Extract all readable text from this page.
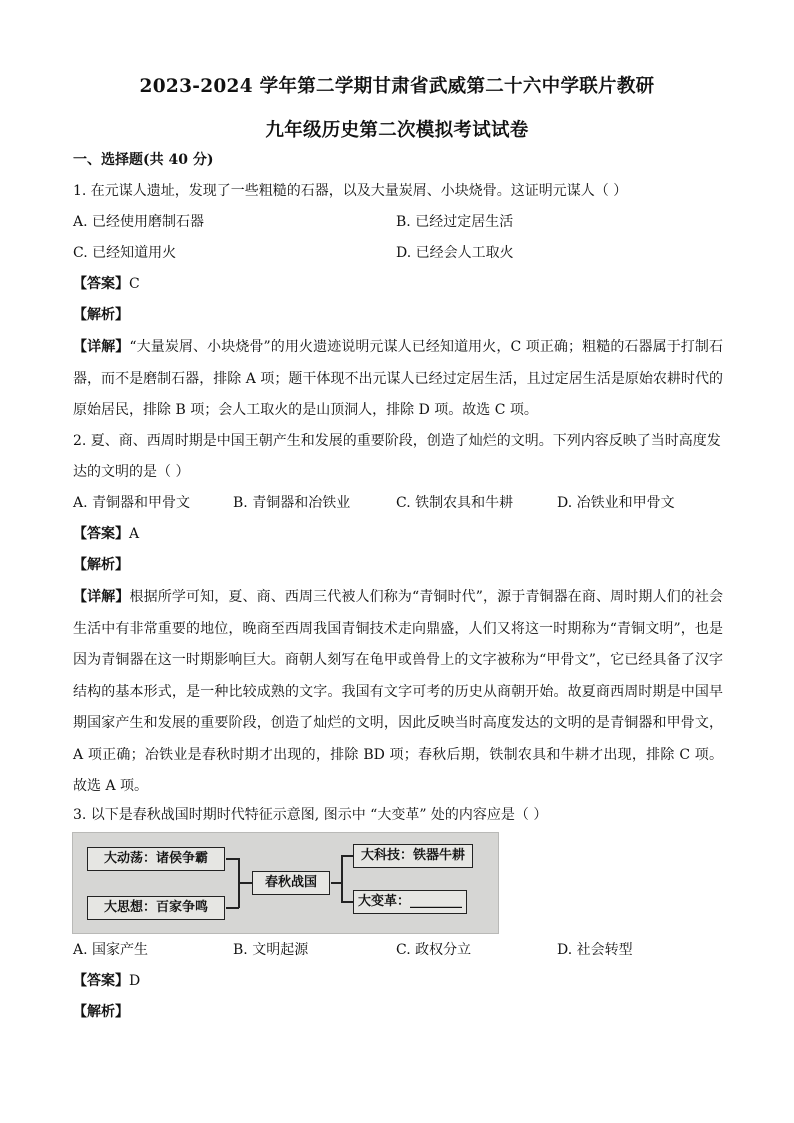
2023-2024 学年第二学期甘肃省武威第二十六中学联片教研
九年级历史第二次模拟考试试卷
一、选择题(共 40 分)
1. 在元谋人遗址，发现了一些粗糙的石器，以及大量炭屑、小块烧骨。这证明元谋人（ ）
A. 已经使用磨制石器	B. 已经过定居生活
C. 已经知道用火	D. 已经会人工取火
【答案】C
【解析】
【详解】“大量炭屑、小块烧骨”的用火遗迹说明元谋人已经知道用火，C 项正确；粗糙的石器属于打制石器，而不是磨制石器，排除 A 项；题干体现不出元谋人已经过定居生活，且过定居生活是原始农耕时代的原始居民，排除 B 项；会人工取火的是山顶洞人，排除 D 项。故选 C 项。
2. 夏、商、西周时期是中国王朝产生和发展的重要阶段，创造了灿烂的文明。下列内容反映了当时高度发
达的文明的是（ ）
A. 青铜器和甲骨文	B. 青铜器和冶铁业	C. 铁制农具和牛耕	D. 冶铁业和甲骨文
【答案】A
【解析】
【详解】根据所学可知，夏、商、西周三代被人们称为“青铜时代”，源于青铜器在商、周时期人们的社会生活中有非常重要的地位，晚商至西周我国青铜技术走向鼎盛，人们又将这一时期称为“青铜文明”，也是因为青铜器在这一时期影响巨大。商朝人刻写在龟甲或兽骨上的文字被称为“甲骨文”，它已经具备了汉字结构的基本形式，是一种比较成熟的文字。我国有文字可考的历史从商朝开始。故夏商西周时期是中国早期国家产生和发展的重要阶段，创造了灿烂的文明，因此反映当时高度发达的文明的是青铜器和甲骨文，A 项正确；冶铁业是春秋时期才出现的，排除 BD 项；春秋后期，铁制农具和牛耕才出现，排除 C 项。故选 A 项。
3. 以下是春秋战国时期时代特征示意图, 图示中 “大变革” 处的内容应是（ ）
大动荡：诸侯争霸
大思想：百家争鸣
春秋战国
大科技：铁器牛耕
大变革：________
A. 国家产生	B. 文明起源	C. 政权分立	D. 社会转型
【答案】D
【解析】
